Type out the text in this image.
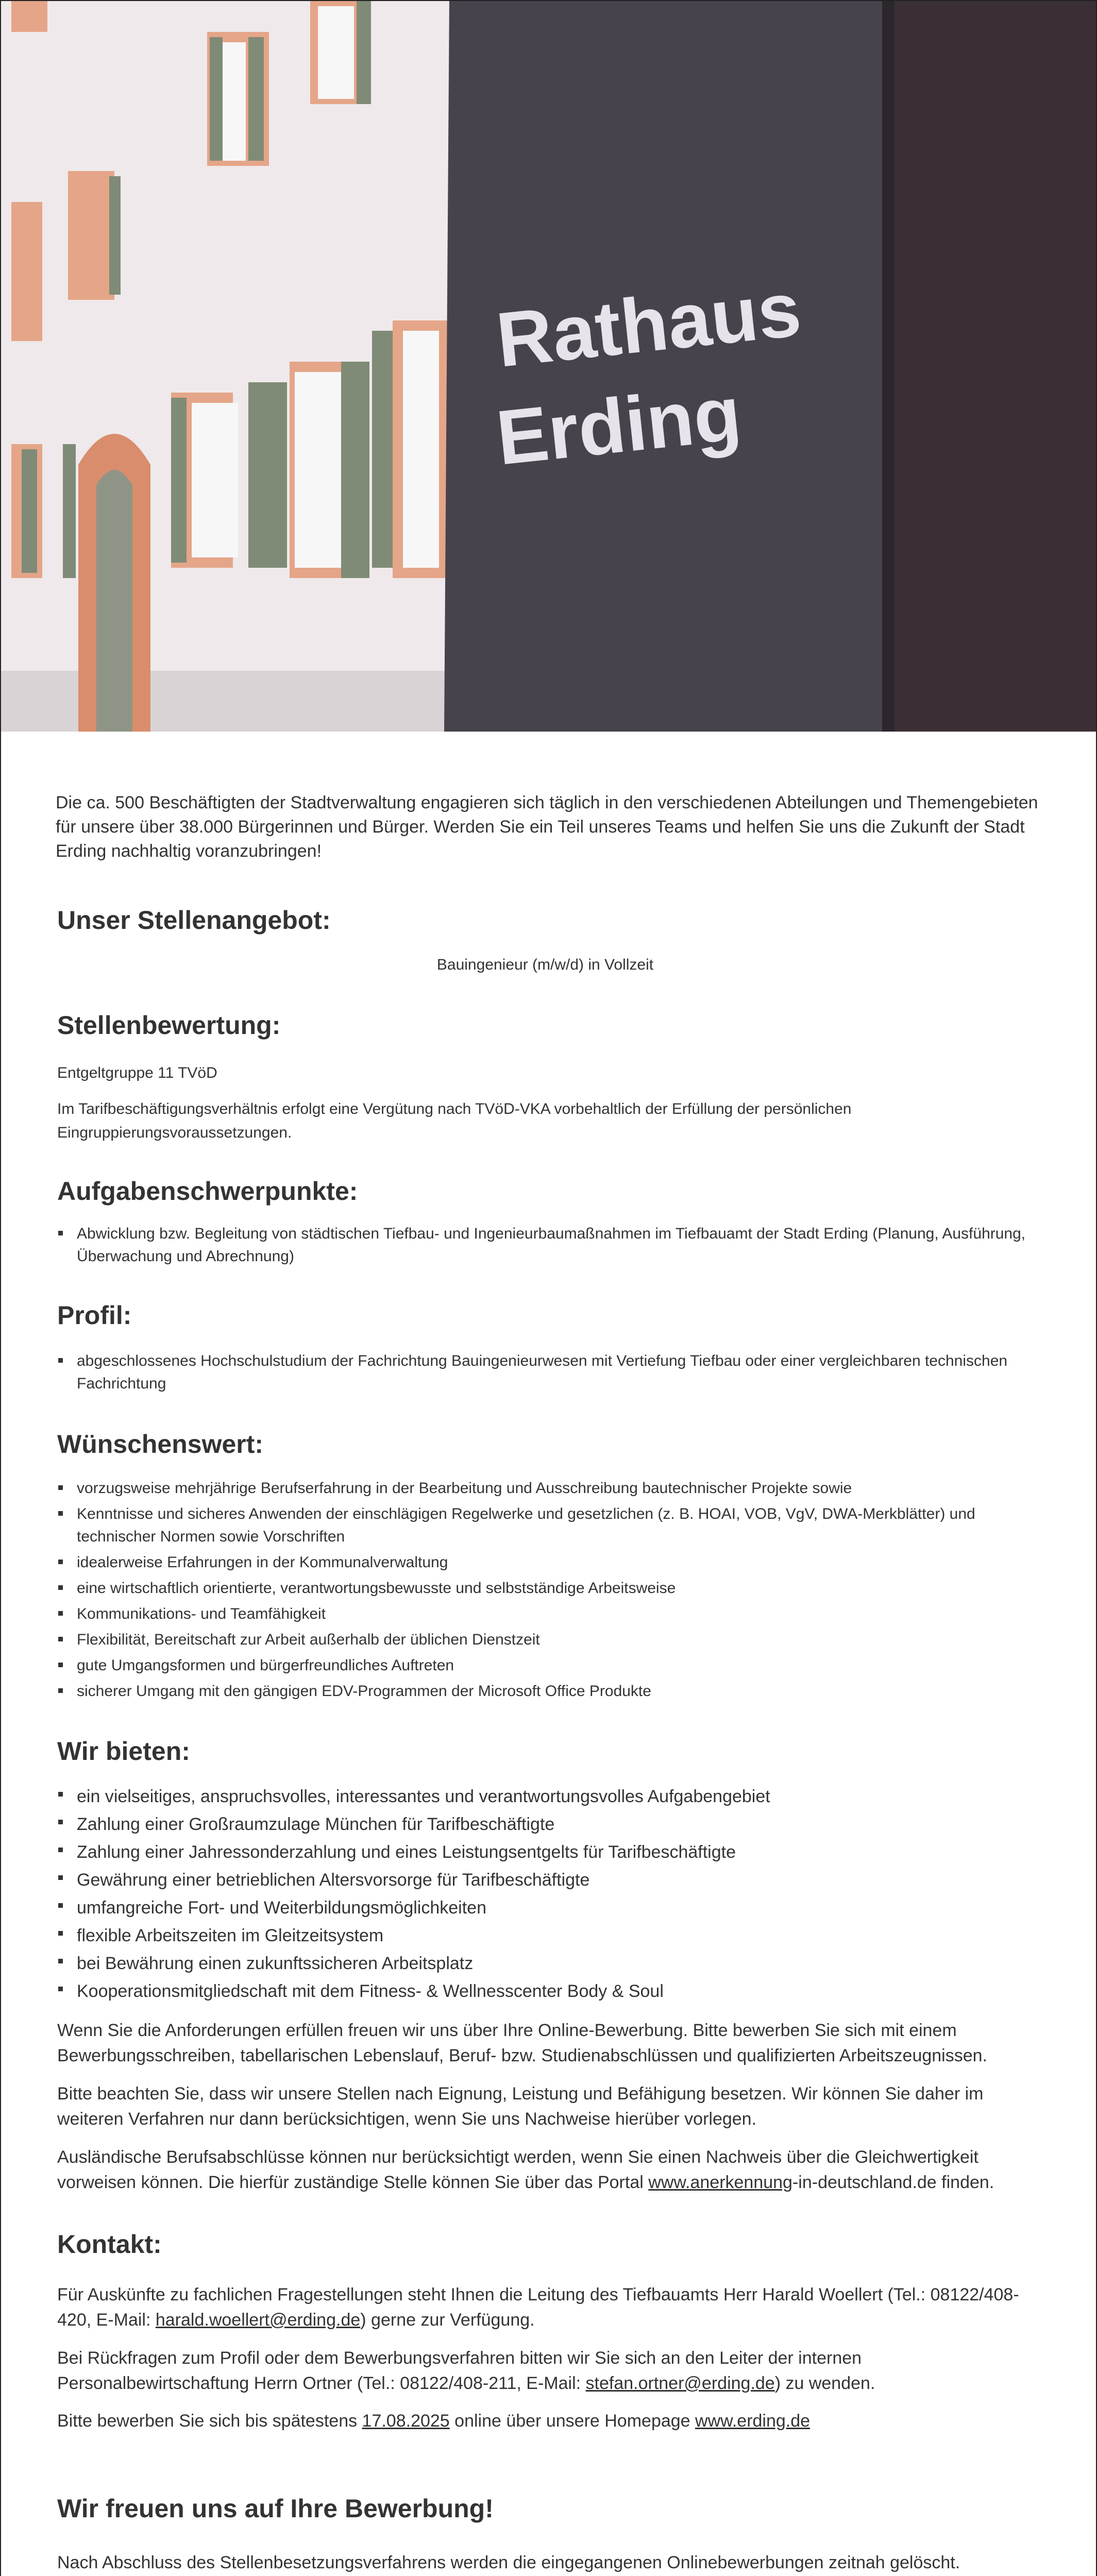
Rathaus
Erding

Die ca. 500 Beschäftigten der Stadtverwaltung engagieren sich täglich in den verschiedenen Abteilungen und Themengebieten für unsere über 38.000 Bürgerinnen und Bürger. Werden Sie ein Teil unseres Teams und helfen Sie uns die Zukunft der Stadt Erding nachhaltig voranzubringen!

Unser Stellenangebot:
Bauingenieur (m/w/d) in Vollzeit
Stellenbewertung:

Entgeltgruppe 11 TVöD

Im Tarifbeschäftigungsverhältnis erfolgt eine Vergütung nach TVöD-VKA vorbehaltlich der Erfüllung der persönlichen Eingruppierungsvoraussetzungen.

Aufgabenschwerpunkte:
Abwicklung bzw. Begleitung von städtischen Tiefbau- und Ingenieurbaumaßnahmen im Tiefbauamt der Stadt Erding (Planung, Ausführung, Überwachung und Abrechnung)
Profil:
abgeschlossenes Hochschulstudium der Fachrichtung Bauingenieurwesen mit Vertiefung Tiefbau oder einer vergleichbaren technischen Fachrichtung
Wünschenswert:
vorzugsweise mehrjährige Berufserfahrung in der Bearbeitung und Ausschreibung bautechnischer Projekte sowie
Kenntnisse und sicheres Anwenden der einschlägigen Regelwerke und gesetzlichen (z. B. HOAI, VOB, VgV, DWA-Merkblätter) und technischer Normen sowie Vorschriften
idealerweise Erfahrungen in der Kommunalverwaltung
eine wirtschaftlich orientierte, verantwortungsbewusste und selbstständige Arbeitsweise
Kommunikations- und Teamfähigkeit
Flexibilität, Bereitschaft zur Arbeit außerhalb der üblichen Dienstzeit
gute Umgangsformen und bürgerfreundliches Auftreten
sicherer Umgang mit den gängigen EDV-Programmen der Microsoft Office Produkte
Wir bieten:
ein vielseitiges, anspruchsvolles, interessantes und verantwortungsvolles Aufgabengebiet
Zahlung einer Großraumzulage München für Tarifbeschäftigte
Zahlung einer Jahressonderzahlung und eines Leistungsentgelts für Tarifbeschäftigte
Gewährung einer betrieblichen Altersvorsorge für Tarifbeschäftigte
umfangreiche Fort- und Weiterbildungsmöglichkeiten
flexible Arbeitszeiten im Gleitzeitsystem
bei Bewährung einen zukunftssicheren Arbeitsplatz
Kooperationsmitgliedschaft mit dem Fitness- & Wellnesscenter Body & Soul

Wenn Sie die Anforderungen erfüllen freuen wir uns über Ihre Online-Bewerbung. Bitte bewerben Sie sich mit einem Bewerbungsschreiben, tabellarischen Lebenslauf, Beruf- bzw. Studienabschlüssen und qualifizierten Arbeitszeugnissen.

Bitte beachten Sie, dass wir unsere Stellen nach Eignung, Leistung und Befähigung besetzen. Wir können Sie daher im weiteren Verfahren nur dann berücksichtigen, wenn Sie uns Nachweise hierüber vorlegen.

Ausländische Berufsabschlüsse können nur berücksichtigt werden, wenn Sie einen Nachweis über die Gleichwertigkeit vorweisen können. Die hierfür zuständige Stelle können Sie über das Portal www.anerkennung-in-deutschland.de finden.

Kontakt:

Für Auskünfte zu fachlichen Fragestellungen steht Ihnen die Leitung des Tiefbauamts Herr Harald Woellert (Tel.: 08122/408-420, E-Mail: harald.woellert@erding.de) gerne zur Verfügung.

Bei Rückfragen zum Profil oder dem Bewerbungsverfahren bitten wir Sie sich an den Leiter der internen Personalbewirtschaftung Herrn Ortner (Tel.: 08122/408-211, E-Mail: stefan.ortner@erding.de) zu wenden.

Bitte bewerben Sie sich bis spätestens 17.08.2025 online über unsere Homepage www.erding.de

Wir freuen uns auf Ihre Bewerbung!

Nach Abschluss des Stellenbesetzungsverfahrens werden die eingegangenen Onlinebewerbungen zeitnah gelöscht.
